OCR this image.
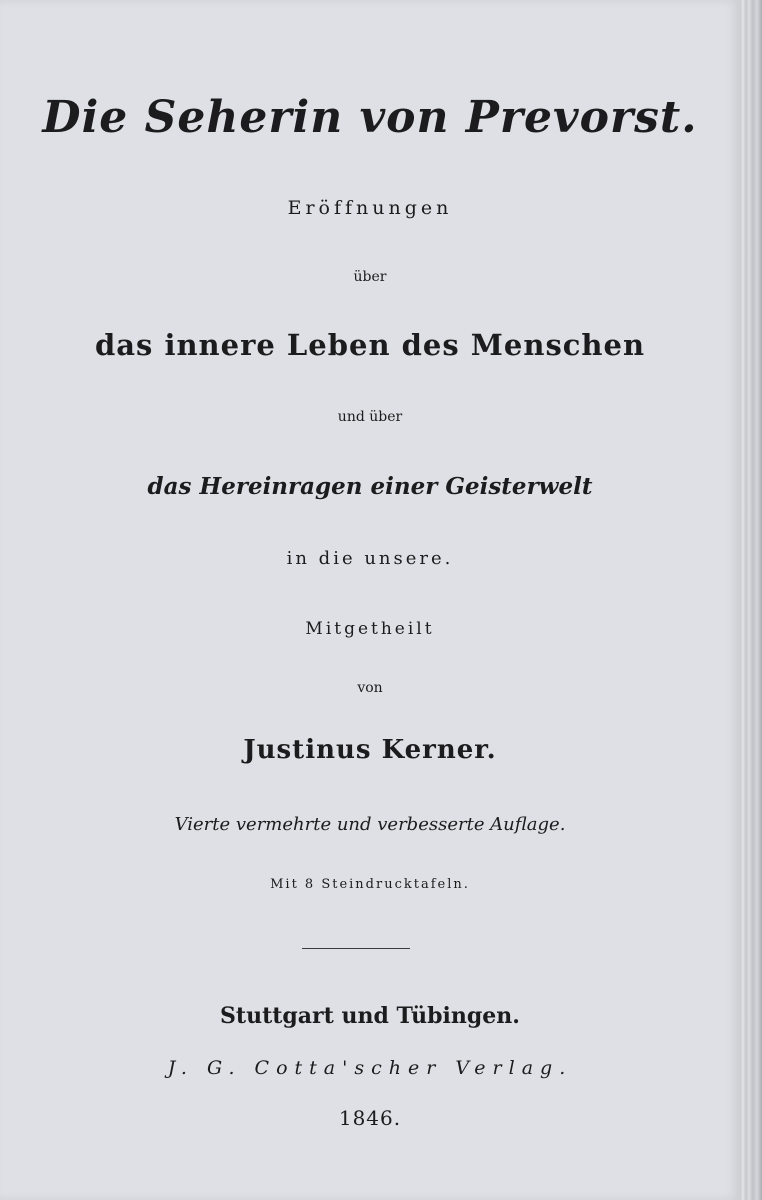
Die Seherin von Prevorst.
Eröffnungen
über
das innere Leben des Menschen
und über
das Hereinragen einer Geisterwelt
in die unsere.
Mitgetheilt
von
Justinus Kerner.
Vierte vermehrte und verbesserte Auflage.
Mit 8 Steindrucktafeln.
Stuttgart und Tübingen.
J. G. Cotta'scher Verlag.
1846.
